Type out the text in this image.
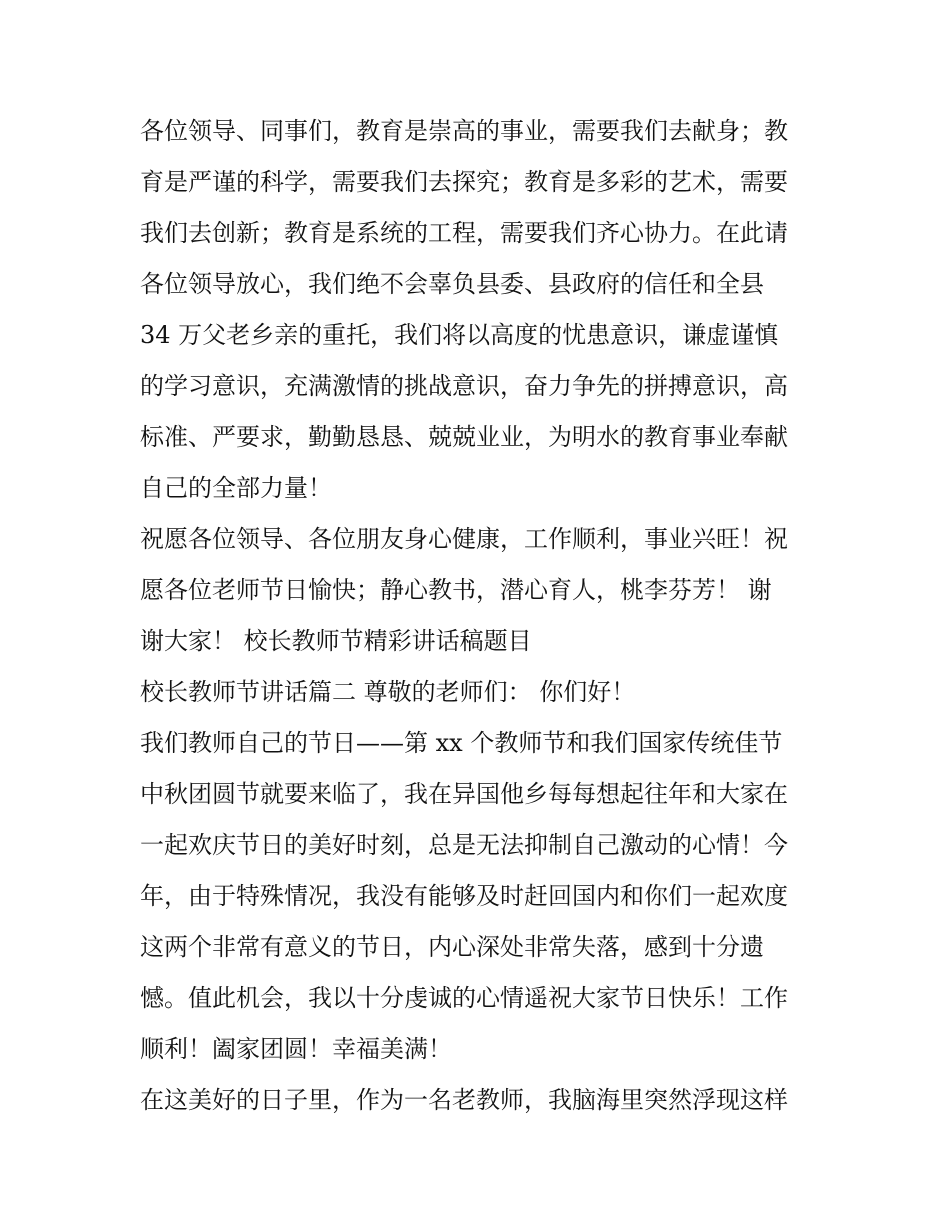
各位领导、同事们，教育是崇高的事业，需要我们去献身；教
育是严谨的科学，需要我们去探究；教育是多彩的艺术，需要
我们去创新；教育是系统的工程，需要我们齐心协力。在此请
各位领导放心，我们绝不会辜负县委、县政府的信任和全县
34 万父老乡亲的重托，我们将以高度的忧患意识，谦虚谨慎
的学习意识，充满激情的挑战意识，奋力争先的拼搏意识，高
标准、严要求，勤勤恳恳、兢兢业业，为明水的教育事业奉献
自己的全部力量！
祝愿各位领导、各位朋友身心健康，工作顺利，事业兴旺！祝
愿各位老师节日愉快；静心教书，潜心育人，桃李芬芳！ 谢
谢大家！ 校长教师节精彩讲话稿题目
校长教师节讲话篇二 尊敬的老师们： 你们好！
我们教师自己的节日——第 xx 个教师节和我们国家传统佳节
中秋团圆节就要来临了，我在异国他乡每每想起往年和大家在
一起欢庆节日的美好时刻，总是无法抑制自己激动的心情！今
年，由于特殊情况，我没有能够及时赶回国内和你们一起欢度
这两个非常有意义的节日，内心深处非常失落，感到十分遗
憾。值此机会，我以十分虔诚的心情遥祝大家节日快乐！工作
顺利！阖家团圆！幸福美满！
在这美好的日子里，作为一名老教师，我脑海里突然浮现这样
